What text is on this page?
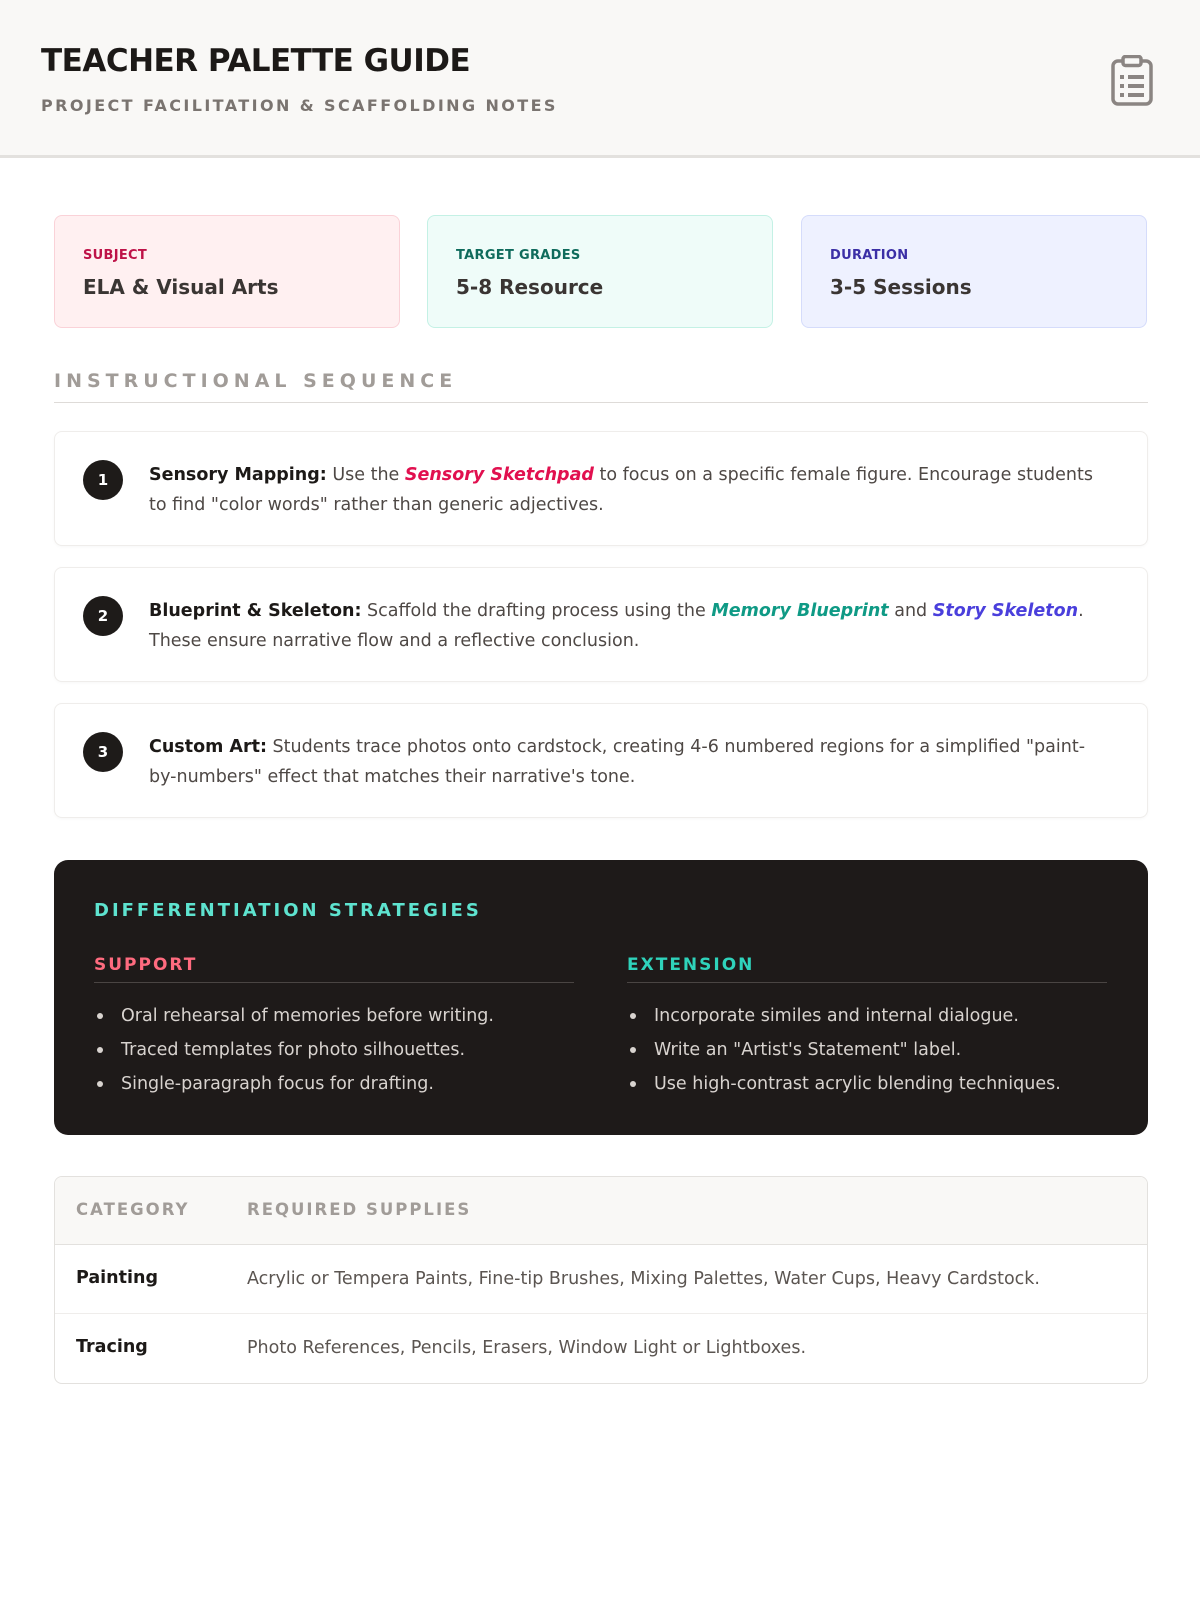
TEACHER PALETTE GUIDE
PROJECT FACILITATION & SCAFFOLDING NOTES
SUBJECT
ELA & Visual Arts
TARGET GRADES
5-8 Resource
DURATION
3-5 Sessions
INSTRUCTIONAL SEQUENCE
1	Sensory Mapping: Use the Sensory Sketchpad to focus on a specific female figure. Encourage students to find "color words" rather than generic adjectives.
2	Blueprint & Skeleton: Scaffold the drafting process using the Memory Blueprint and Story Skeleton. These ensure narrative flow and a reflective conclusion.
3	Custom Art: Students trace photos onto cardstock, creating 4-6 numbered regions for a simplified "paint-by-numbers" effect that matches their narrative's tone.
DIFFERENTIATION STRATEGIES
SUPPORT
Oral rehearsal of memories before writing.
Traced templates for photo silhouettes.
Single-paragraph focus for drafting.
EXTENSION
Incorporate similes and internal dialogue.
Write an "Artist's Statement" label.
Use high-contrast acrylic blending techniques.
CATEGORY	REQUIRED SUPPLIES
Painting	Acrylic or Tempera Paints, Fine-tip Brushes, Mixing Palettes, Water Cups, Heavy Cardstock.
Tracing	Photo References, Pencils, Erasers, Window Light or Lightboxes.
